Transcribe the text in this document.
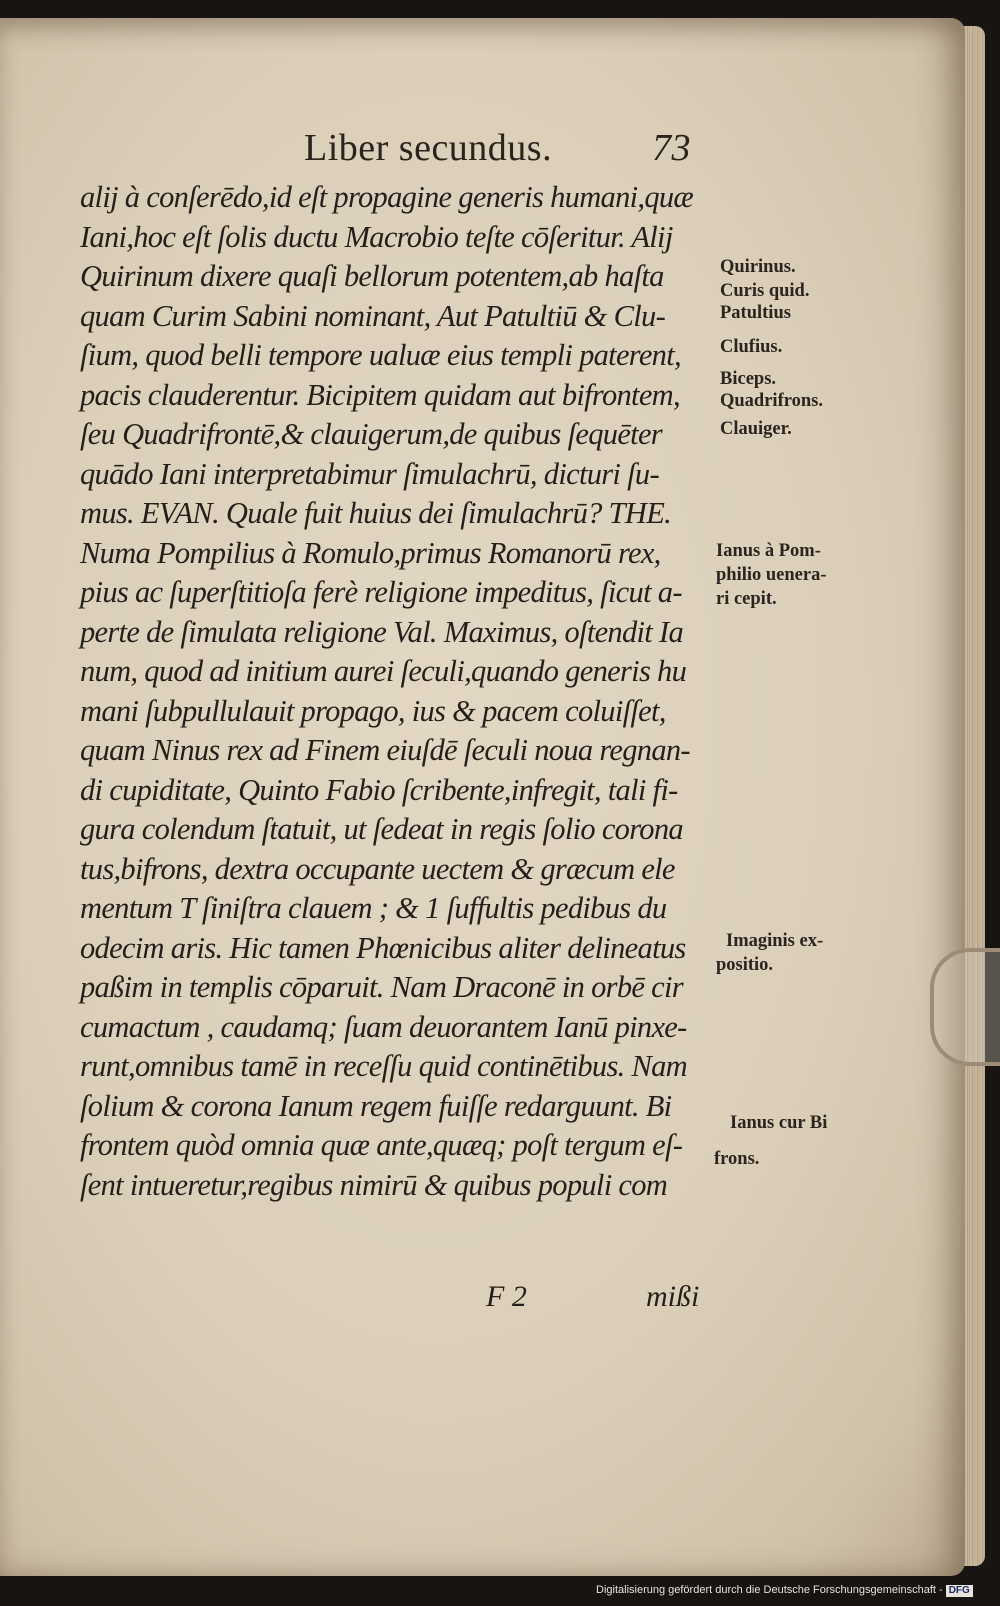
Liber secundus.	73
alij à conſerēdo,id eſt propagine generis humani,quæ
Iani,hoc eſt ſolis ductu Macrobio teſte cōſeritur. Alij
Quirinum dixere quaſi bellorum potentem,ab haſta
quam Curim Sabini nominant, Aut Patultiū & Clu-
ſium, quod belli tempore ualuæ eius templi paterent,
pacis clauderentur. Bicipitem quidam aut bifrontem,
ſeu Quadrifrontē,& clauigerum,de quibus ſequēter
quādo Iani interpretabimur ſimulachrū, dicturi ſu-
mus. EVAN. Quale fuit huius dei ſimulachrū? THE.
Numa Pompilius à Romulo,primus Romanorū rex,
pius ac ſuperſtitioſa ferè religione impeditus, ſicut a-
perte de ſimulata religione Val. Maximus, oſtendit Ia
num, quod ad initium aurei ſeculi,quando generis hu
mani ſubpullulauit propago, ius & pacem coluiſſet,
quam Ninus rex ad Finem eiuſdē ſeculi noua regnan-
di cupiditate, Quinto Fabio ſcribente,infregit, tali fi-
gura colendum ſtatuit, ut ſedeat in regis ſolio corona
tus,bifrons, dextra occupante uectem & græcum ele
mentum T ſiniſtra clauem ; & 1 ſuffultis pedibus du
odecim aris. Hic tamen Phœnicibus aliter delineatus
paßim in templis cōparuit. Nam Draconē in orbē cir
cumactum , caudamq; ſuam deuorantem Ianū pinxe-
runt,omnibus tamē in receſſu quid continētibus. Nam
ſolium & corona Ianum regem fuiſſe redarguunt. Bi
frontem quòd omnia quæ ante,quæq; poſt tergum eſ-
ſent intueretur,regibus nimirū & quibus populi com
Quirinus.
Curis quid.
Patultius
Clufius.
Biceps.
Quadrifrons.
Clauiger.
Ianus à Pom-
philio uenera-
ri cepit.
Imaginis ex-
positio.
Ianus cur Bi
frons.
F 2	mißi
Digitalisierung gefördert durch die Deutsche Forschungsgemeinschaft - DFG
